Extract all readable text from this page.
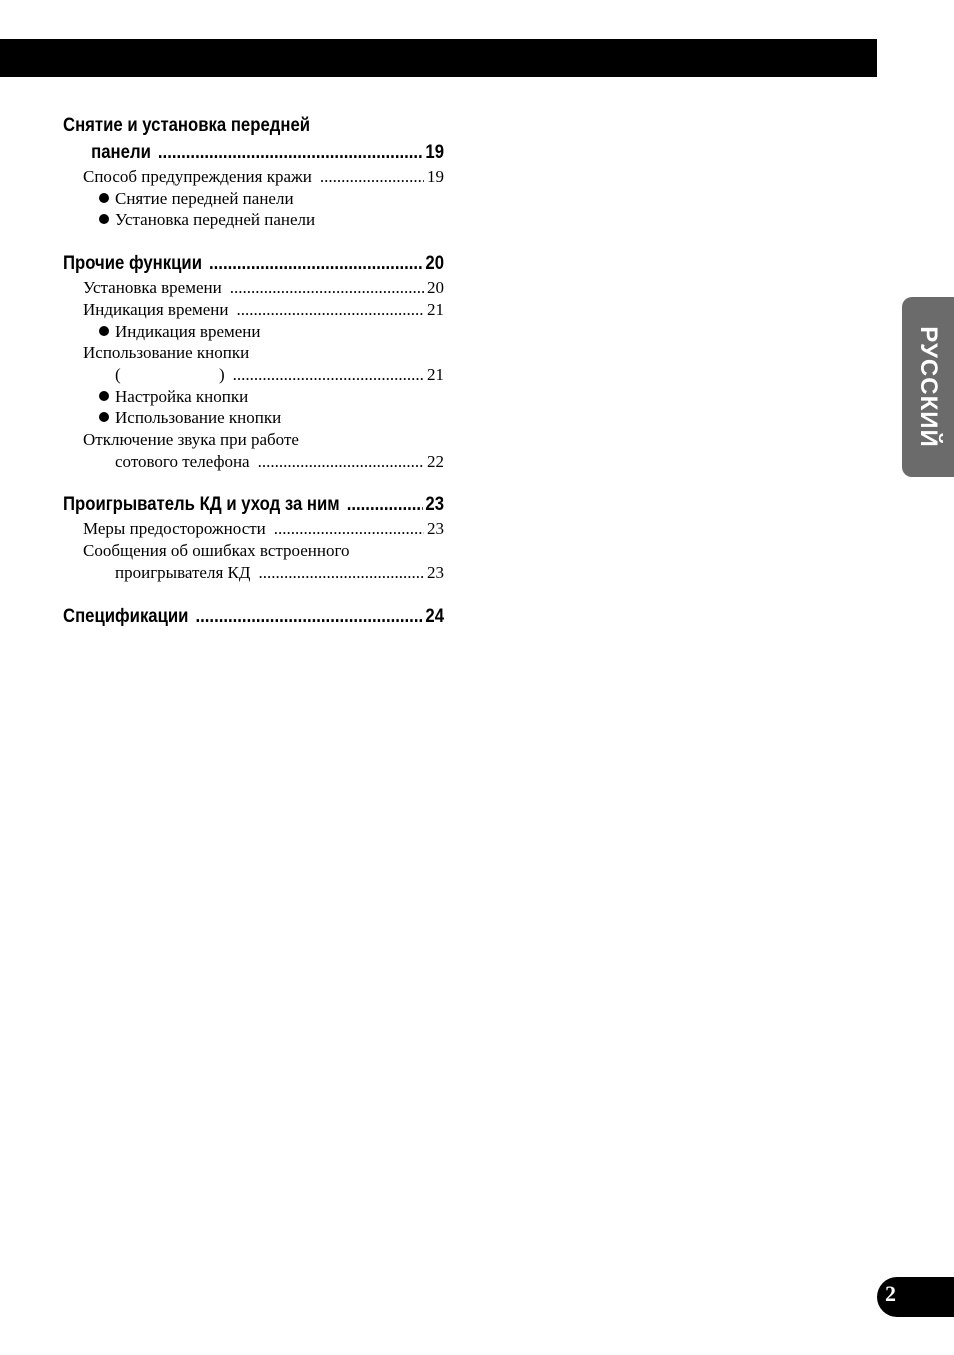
РУССКИЙ
Снятие и установка передней
панели .....	19
Способ предупреждения кражи .....	19
Снятие передней панели
Установка передней панели
Прочие функции .....	20
Установка времени .....	20
Индикация времени .....	21
Индикация времени
Использование кнопки
(	) .....	21
Настройка кнопки
Использование кнопки
Отключение звука при работе
сотового телефона .....	22
Проигрыватель КД и уход за ним .....	23
Меры предосторожности .....	23
Сообщения об ошибках встроенного
проигрывателя КД .....	23
Спецификации .....	24
2
